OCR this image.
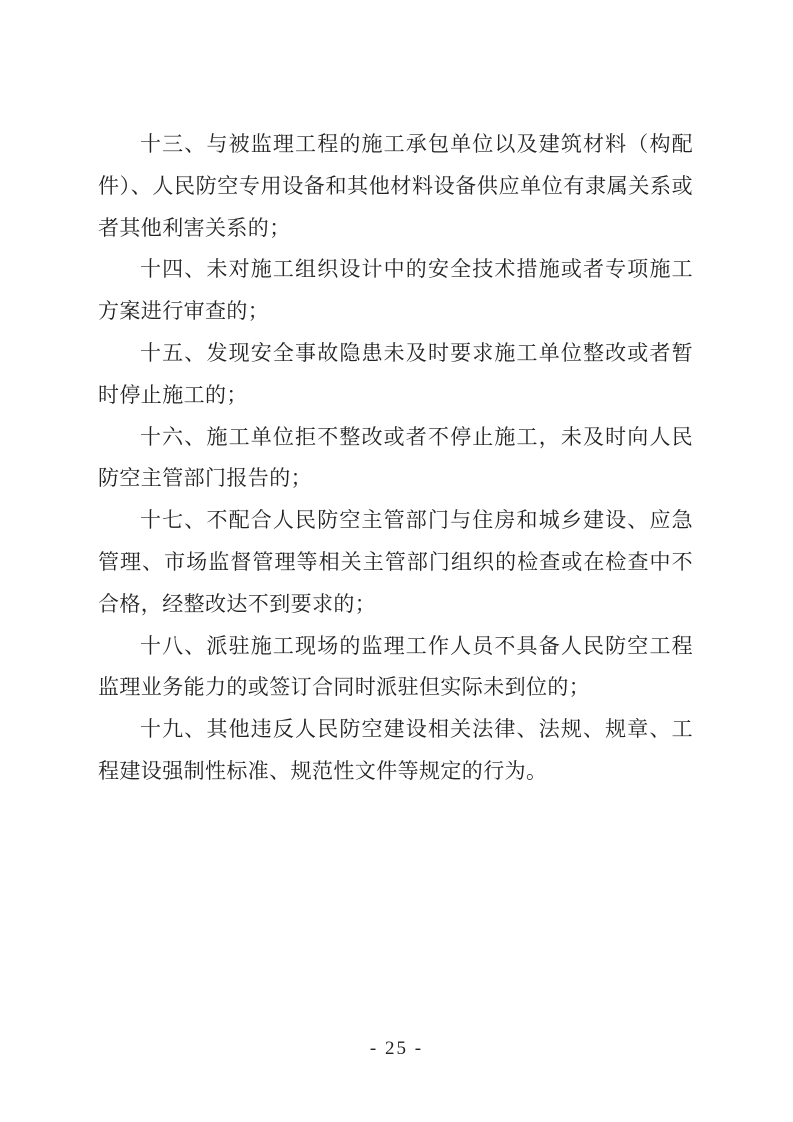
十三、与被监理工程的施工承包单位以及建筑材料（构配件）、人民防空专用设备和其他材料设备供应单位有隶属关系或者其他利害关系的；

十四、未对施工组织设计中的安全技术措施或者专项施工方案进行审查的；

十五、发现安全事故隐患未及时要求施工单位整改或者暂时停止施工的；

十六、施工单位拒不整改或者不停止施工，未及时向人民防空主管部门报告的；

十七、不配合人民防空主管部门与住房和城乡建设、应急管理、市场监督管理等相关主管部门组织的检查或在检查中不合格，经整改达不到要求的；

十八、派驻施工现场的监理工作人员不具备人民防空工程监理业务能力的或签订合同时派驻但实际未到位的；

十九、其他违反人民防空建设相关法律、法规、规章、工程建设强制性标准、规范性文件等规定的行为。

- 25 -
